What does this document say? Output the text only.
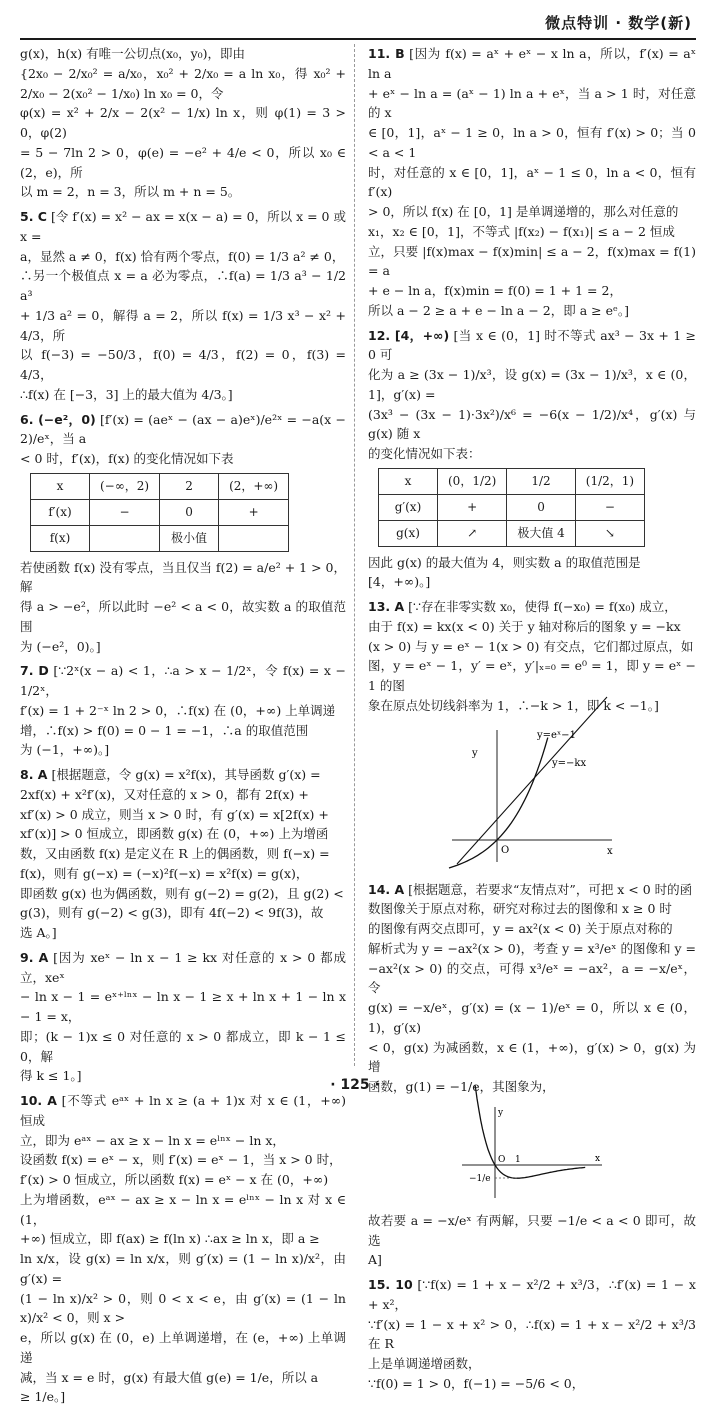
微点特训 · 数学(新)

g(x)，h(x) 有唯一公切点(x₀，y₀)，即由

{2x₀ − 2/x₀² = a/x₀，x₀² + 2/x₀ = a ln x₀，得 x₀² + 2/x₀ − 2(x₀² − 1/x₀) ln x₀ = 0，令

φ(x) = x² + 2/x − 2(x² − 1/x) ln x，则 φ(1) = 3 > 0，φ(2)

= 5 − 7ln 2 > 0，φ(e) = −e² + 4/e < 0，所以 x₀ ∈ (2，e)，所

以 m = 2，n = 3，所以 m + n = 5。

5. C [令 f′(x) = x² − ax = x(x − a) = 0，所以 x = 0 或 x =

a，显然 a ≠ 0，f(x) 恰有两个零点，f(0) = 1/3 a² ≠ 0，

∴另一个极值点 x = a 必为零点，∴f(a) = 1/3 a³ − 1/2 a³

+ 1/3 a² = 0，解得 a = 2，所以 f(x) = 1/3 x³ − x² + 4/3，所

以 f(−3) = −50/3，f(0) = 4/3，f(2) = 0，f(3) = 4/3，

∴f(x) 在 [−3，3] 上的最大值为 4/3。]

6. (−e²，0) [f′(x) = (aeˣ − (ax − a)eˣ)/e²ˣ = −a(x − 2)/eˣ，当 a

< 0 时，f′(x)，f(x) 的变化情况如下表

x	(−∞，2)	2	(2，+∞)
f′(x)	−	0	+
f(x)		极小值	

若使函数 f(x) 没有零点，当且仅当 f(2) = a/e² + 1 > 0，解

得 a > −e²，所以此时 −e² < a < 0，故实数 a 的取值范围

为 (−e²，0)。]

7. D [∵2ˣ(x − a) < 1，∴a > x − 1/2ˣ，令 f(x) = x − 1/2ˣ，

f′(x) = 1 + 2⁻ˣ ln 2 > 0，∴f(x) 在 (0，+∞) 上单调递

增，∴f(x) > f(0) = 0 − 1 = −1，∴a 的取值范围

为 (−1，+∞)。]

8. A [根据题意，令 g(x) = x²f(x)，其导函数 g′(x) =

2xf(x) + x²f′(x)，又对任意的 x > 0，都有 2f(x) +

xf′(x) > 0 成立，则当 x > 0 时，有 g′(x) = x[2f(x) +

xf′(x)] > 0 恒成立，即函数 g(x) 在 (0，+∞) 上为增函

数，又由函数 f(x) 是定义在 R 上的偶函数，则 f(−x) =

f(x)，则有 g(−x) = (−x)²f(−x) = x²f(x) = g(x)，

即函数 g(x) 也为偶函数，则有 g(−2) = g(2)，且 g(2) <

g(3)，则有 g(−2) < g(3)，即有 4f(−2) < 9f(3)，故

选 A。]

9. A [因为 xeˣ − ln x − 1 ≥ kx 对任意的 x > 0 都成立，xeˣ

− ln x − 1 = eˣ⁺ˡⁿˣ − ln x − 1 ≥ x + ln x + 1 − ln x − 1 = x，

即；(k − 1)x ≤ 0 对任意的 x > 0 都成立，即 k − 1 ≤ 0，解

得 k ≤ 1。]

10. A [不等式 eᵃˣ + ln x ≥ (a + 1)x 对 x ∈ (1，+∞) 恒成

立，即为 eᵃˣ − ax ≥ x − ln x = eˡⁿˣ − ln x，

设函数 f(x) = eˣ − x，则 f′(x) = eˣ − 1，当 x > 0 时，

f′(x) > 0 恒成立，所以函数 f(x) = eˣ − x 在 (0，+∞)

上为增函数，eᵃˣ − ax ≥ x − ln x = eˡⁿˣ − ln x 对 x ∈ (1，

+∞) 恒成立，即 f(ax) ≥ f(ln x) ∴ax ≥ ln x，即 a ≥

ln x/x，设 g(x) = ln x/x，则 g′(x) = (1 − ln x)/x²，由 g′(x) =

(1 − ln x)/x² > 0，则 0 < x < e，由 g′(x) = (1 − ln x)/x² < 0，则 x >

e，所以 g(x) 在 (0，e) 上单调递增，在 (e，+∞) 上单调递

减，当 x = e 时，g(x) 有最大值 g(e) = 1/e，所以 a

≥ 1/e。]

11. B [因为 f(x) = aˣ + eˣ − x ln a，所以，f′(x) = aˣ ln a

+ eˣ − ln a = (aˣ − 1) ln a + eˣ，当 a > 1 时，对任意的 x

∈ [0，1]，aˣ − 1 ≥ 0，ln a > 0，恒有 f′(x) > 0；当 0 < a < 1

时，对任意的 x ∈ [0，1]，aˣ − 1 ≤ 0，ln a < 0，恒有 f′(x)

> 0，所以 f(x) 在 [0，1] 是单调递增的，那么对任意的

x₁，x₂ ∈ [0，1]，不等式 |f(x₂) − f(x₁)| ≤ a − 2 恒成

立，只要 |f(x)max − f(x)min| ≤ a − 2，f(x)max = f(1) = a

+ e − ln a，f(x)min = f(0) = 1 + 1 = 2，

所以 a − 2 ≥ a + e − ln a − 2，即 a ≥ eᵉ。]

12. [4，+∞) [当 x ∈ (0，1] 时不等式 ax³ − 3x + 1 ≥ 0 可

化为 a ≥ (3x − 1)/x³，设 g(x) = (3x − 1)/x³，x ∈ (0，1]，g′(x) =

(3x³ − (3x − 1)·3x²)/x⁶ = −6(x − 1/2)/x⁴，g′(x) 与 g(x) 随 x

的变化情况如下表：

x	(0，1/2)	1/2	(1/2，1)
g′(x)	+	0	−
g(x)	↗	极大值 4	↘

因此 g(x) 的最大值为 4，则实数 a 的取值范围是

[4，+∞)。]

13. A [∵存在非零实数 x₀，使得 f(−x₀) = f(x₀) 成立，

由于 f(x) = kx(x < 0) 关于 y 轴对称后的图象 y = −kx

(x > 0) 与 y = eˣ − 1(x > 0) 有交点，它们都过原点，如

图，y = eˣ − 1，y′ = eˣ，y′|ₓ₌₀ = e⁰ = 1，即 y = eˣ − 1 的图

象在原点处切线斜率为 1，∴−k > 1，即 k < −1。]

y=eˣ−1
y=−kx
y
x
O

14. A [根据题意，若要求“友情点对”，可把 x < 0 时的函

数图像关于原点对称，研究对称过去的图像和 x ≥ 0 时

的图像有两交点即可，y = ax²(x < 0) 关于原点对称的

解析式为 y = −ax²(x > 0)，考查 y = x³/eˣ 的图像和 y =

−ax²(x > 0) 的交点，可得 x³/eˣ = −ax²，a = −x/eˣ，令

g(x) = −x/eˣ，g′(x) = (x − 1)/eˣ = 0，所以 x ∈ (0，1)，g′(x)

< 0，g(x) 为减函数，x ∈ (1，+∞)，g′(x) > 0，g(x) 为增

函数，g(1) = −1/e，其图象为，

y
x
O 1
−1/e

故若要 a = −x/eˣ 有两解，只要 −1/e < a < 0 即可，故选

A]

15. 10 [∵f(x) = 1 + x − x²/2 + x³/3，∴f′(x) = 1 − x + x²，

∵f′(x) = 1 − x + x² > 0，∴f(x) = 1 + x − x²/2 + x³/3 在 R

上是单调递增函数，

∵f(0) = 1 > 0，f(−1) = −5/6 < 0，

· 125 ·
